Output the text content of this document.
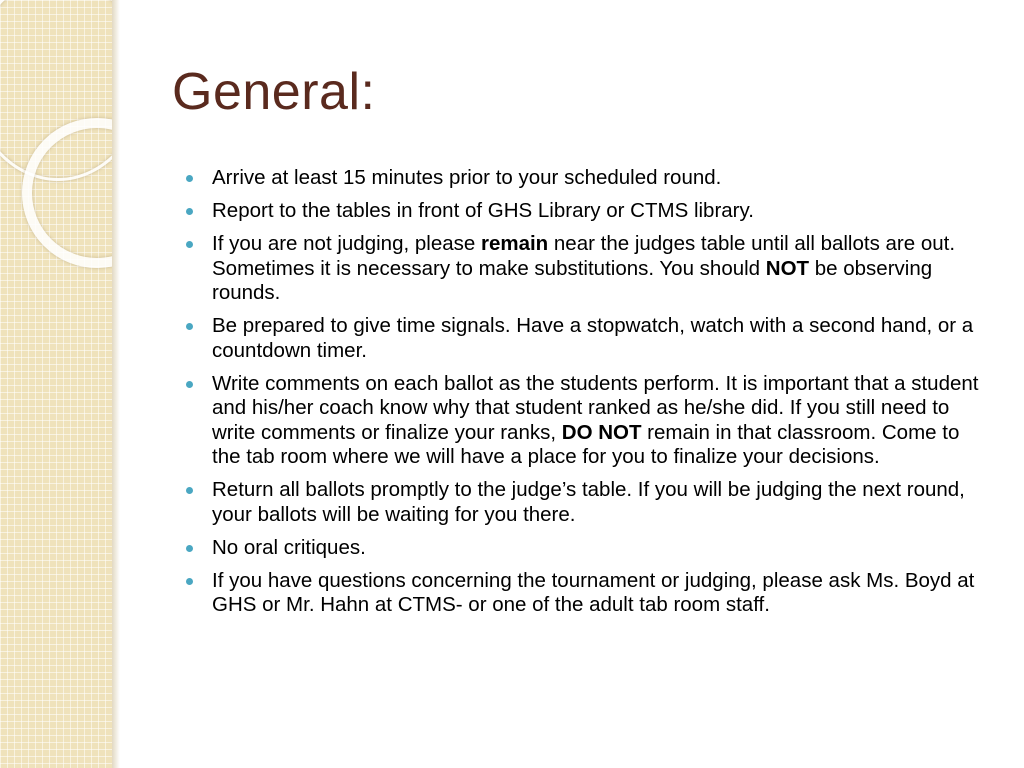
General:
Arrive at least 15 minutes prior to your scheduled round.
Report to the tables in front of GHS Library or CTMS library.
If you are not judging, please remain near the judges table until all ballots are out. Sometimes it is necessary to make substitutions. You should NOT be observing rounds.
Be prepared to give time signals. Have a stopwatch, watch with a second hand, or a countdown timer.
Write comments on each ballot as the students perform. It is important that a student and his/her coach know why that student ranked as he/she did. If you still need to write comments or finalize your ranks, DO NOT remain in that classroom. Come to the tab room where we will have a place for you to finalize your decisions.
Return all ballots promptly to the judge’s table. If you will be judging the next round, your ballots will be waiting for you there.
No oral critiques.
If you have questions concerning the tournament or judging, please ask Ms. Boyd at GHS or Mr. Hahn at CTMS- or one of the adult tab room staff.
